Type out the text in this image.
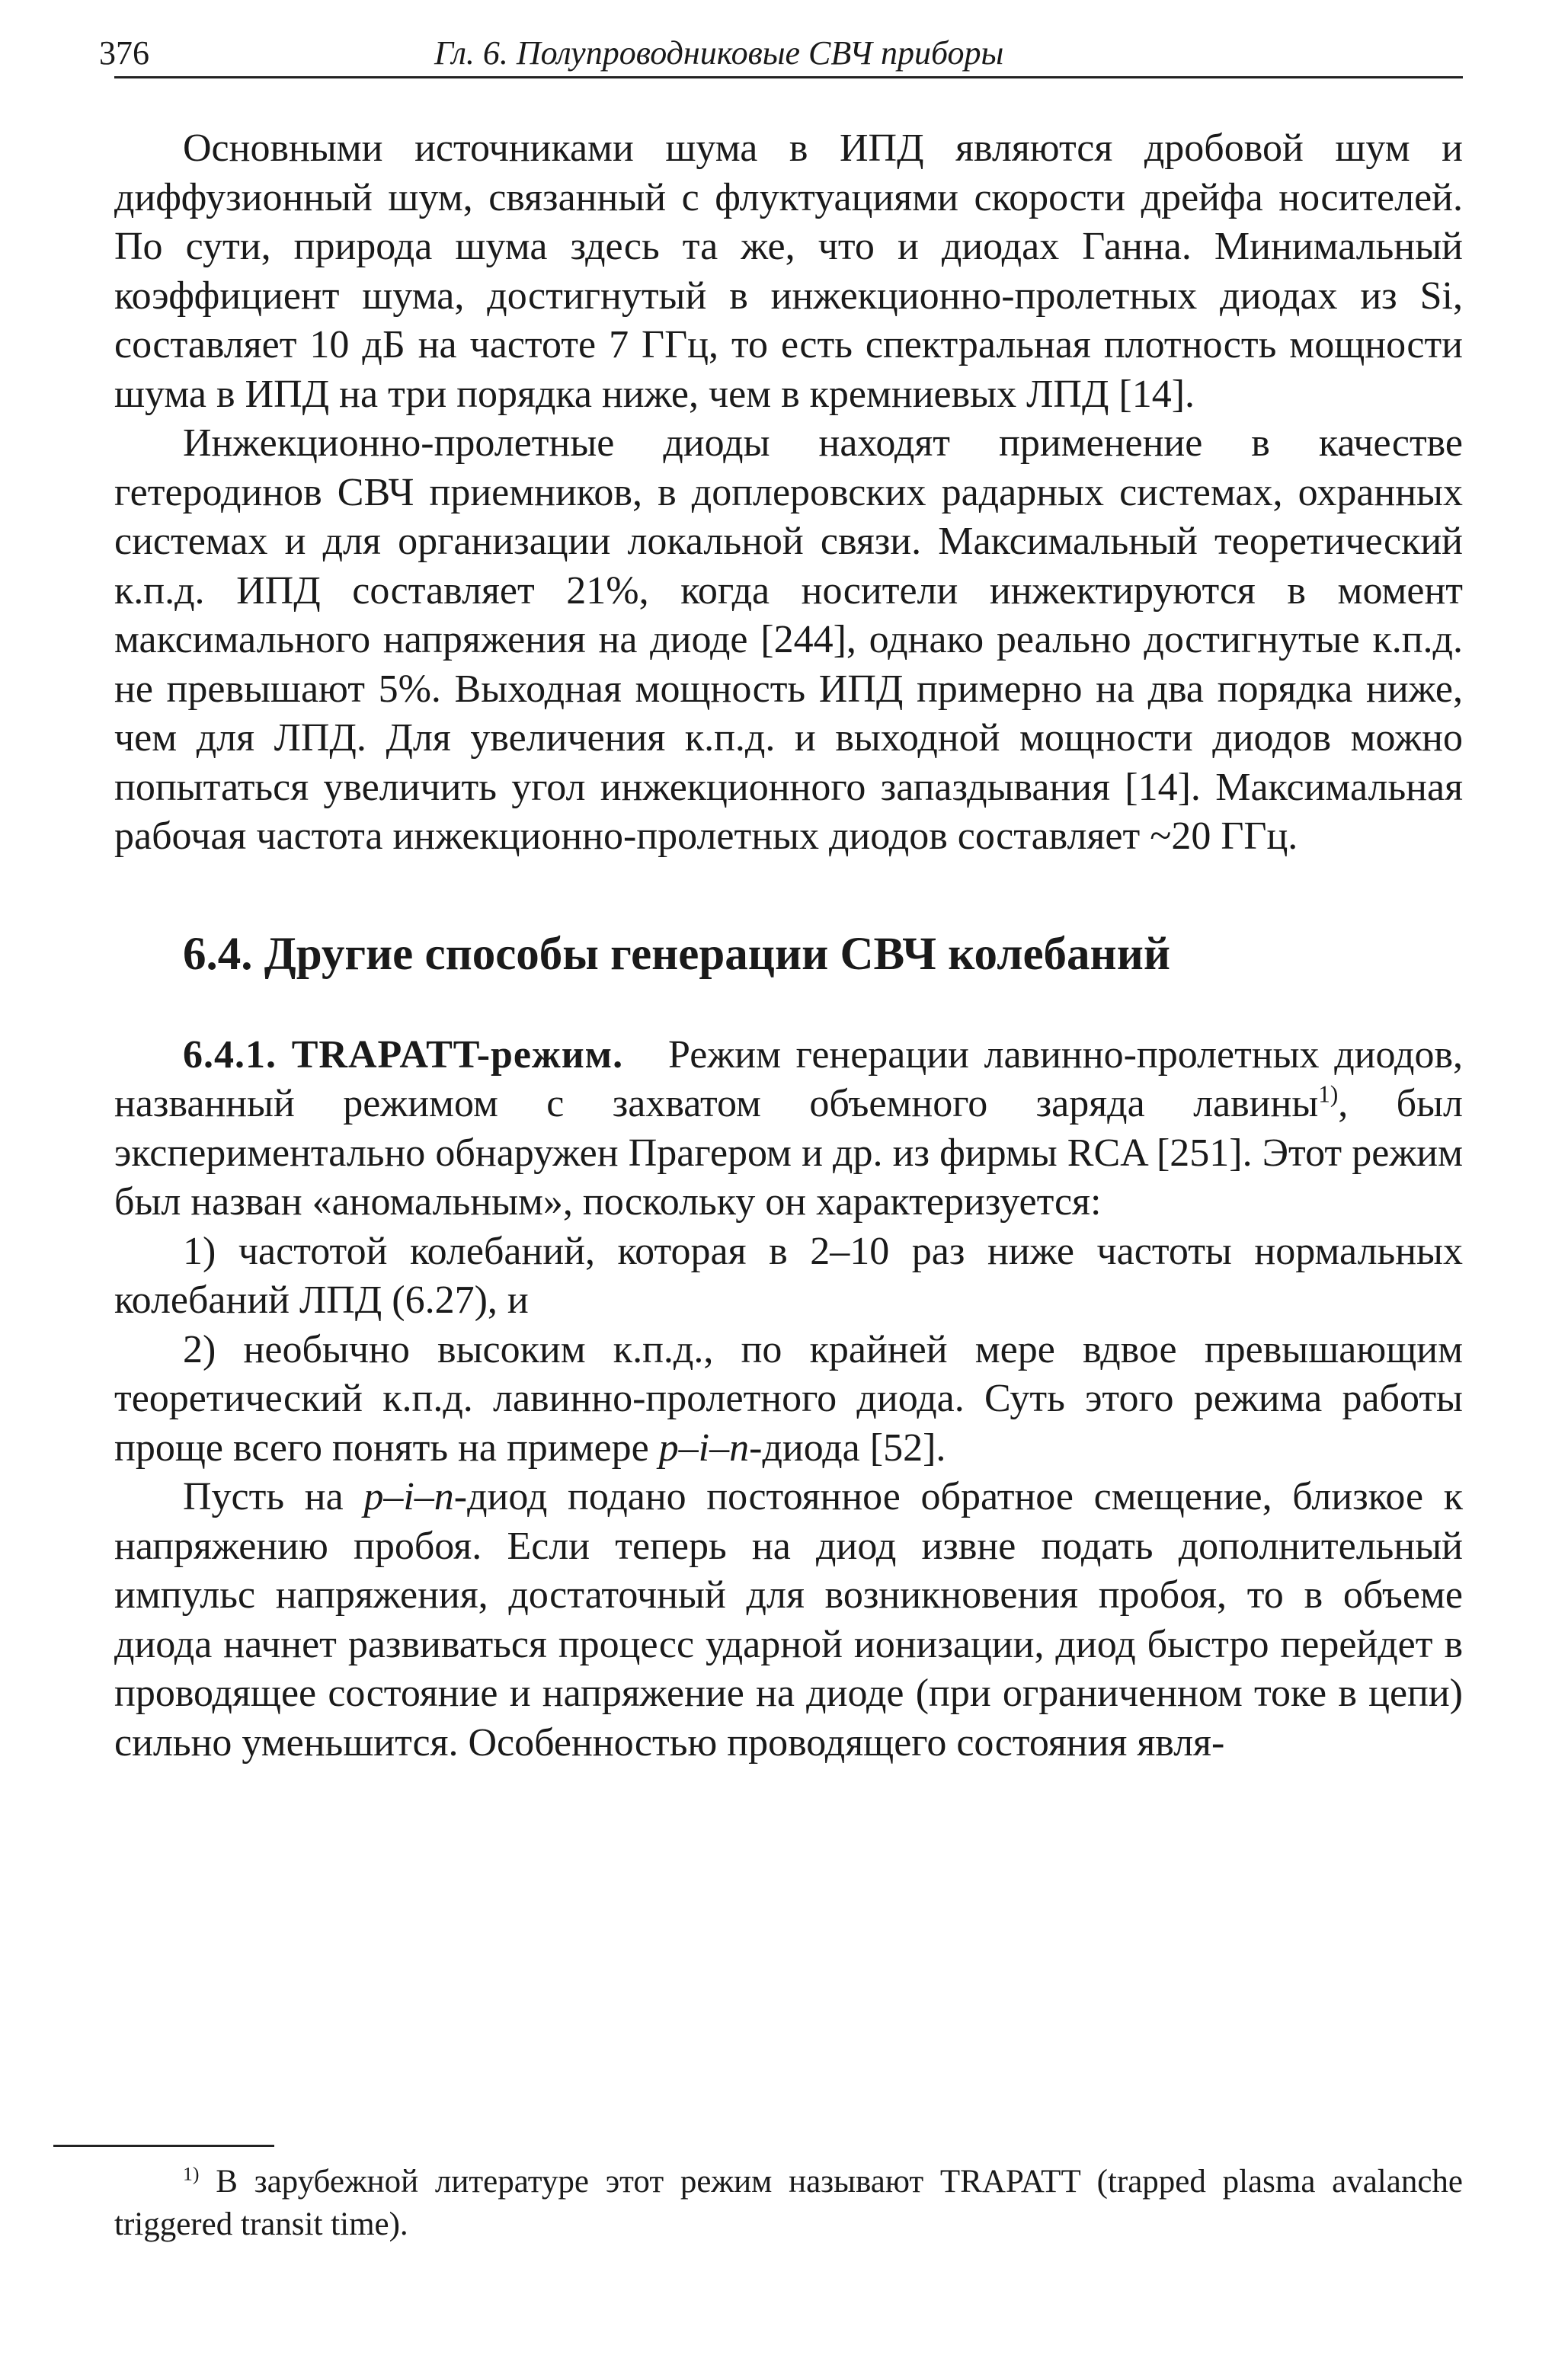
376	Гл. 6. Полупроводниковые СВЧ приборы

Основными источниками шума в ИПД являются дробовой шум и диффузионный шум, связанный с флуктуациями скорости дрейфа носителей. По сути, природа шума здесь та же, что и диодах Ганна. Минимальный коэффициент шума, достигнутый в инжекционно-пролетных диодах из Si, составляет 10 дБ на частоте 7 ГГц, то есть спектральная плотность мощности шума в ИПД на три порядка ниже, чем в кремниевых ЛПД [14].

Инжекционно-пролетные диоды находят применение в качестве гетеродинов СВЧ приемников, в доплеровских радарных системах, охранных системах и для организации локальной связи. Максимальный теоретический к.п.д. ИПД составляет 21%, когда носители инжектируются в момент максимального напряжения на диоде [244], однако реально достигнутые к.п.д. не превышают 5%. Выходная мощность ИПД примерно на два порядка ниже, чем для ЛПД. Для увеличения к.п.д. и выходной мощности диодов можно попытаться увеличить угол инжекционного запаздывания [14]. Максимальная рабочая частота инжекционно-пролетных диодов составляет ~20 ГГц.

6.4. Другие способы генерации СВЧ колебаний

6.4.1. TRAPATT-режим. Режим генерации лавинно-пролетных диодов, названный режимом с захватом объемного заряда лавины$^{1)}$, был экспериментально обнаружен Прагером и др. из фирмы RCA [251]. Этот режим был назван «аномальным», поскольку он характеризуется:

1) частотой колебаний, которая в 2–10 раз ниже частоты нормальных колебаний ЛПД (6.27), и

2) необычно высоким к.п.д., по крайней мере вдвое превышающим теоретический к.п.д. лавинно-пролетного диода. Суть этого режима работы проще всего понять на примере p–i–n-диода [52].

Пусть на p–i–n-диод подано постоянное обратное смещение, близкое к напряжению пробоя. Если теперь на диод извне подать дополнительный импульс напряжения, достаточный для возникновения пробоя, то в объеме диода начнет развиваться процесс ударной ионизации, диод быстро перейдет в проводящее состояние и напряжение на диоде (при ограниченном токе в цепи) сильно уменьшится. Особенностью проводящего состояния явля-

$^{1)}$ В зарубежной литературе этот режим называют TRAPATT (trapped plasma avalanche triggered transit time).
